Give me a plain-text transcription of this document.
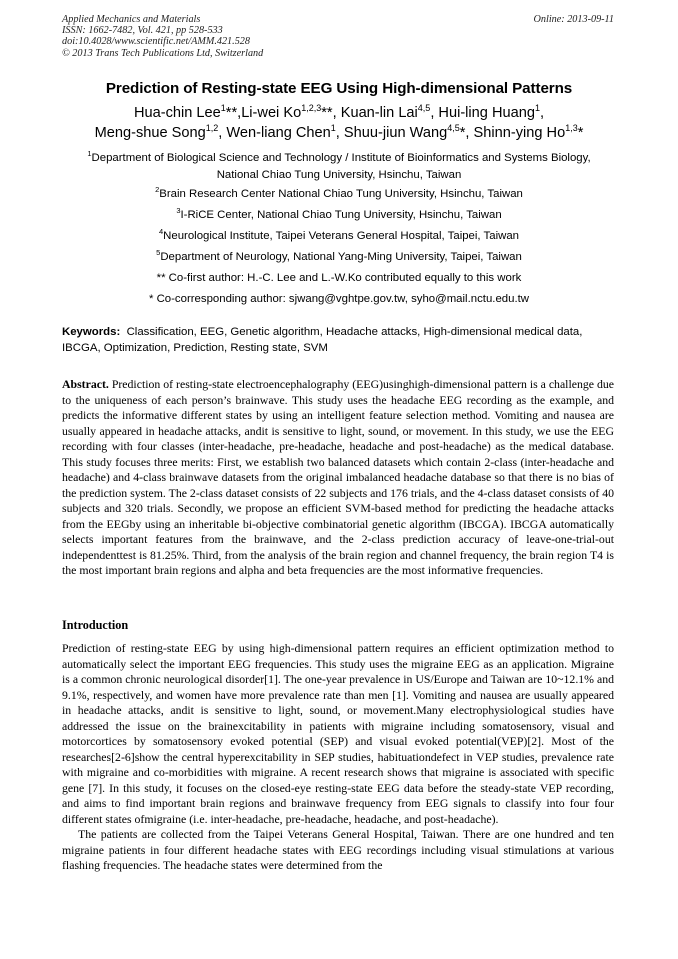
Applied Mechanics and Materials
ISSN: 1662-7482, Vol. 421, pp 528-533
doi:10.4028/www.scientific.net/AMM.421.528
© 2013 Trans Tech Publications Ltd, Switzerland
Online: 2013-09-11
Prediction of Resting-state EEG Using High-dimensional Patterns
Hua-chin Lee$^1$**,Li-wei Ko$^{1,2,3}$**, Kuan-lin Lai$^{4,5}$, Hui-ling Huang$^1$,
Meng-shue Song$^{1,2}$, Wen-liang Chen$^1$, Shuu-jiun Wang$^{4,5}$*, Shinn-ying Ho$^{1,3}$*
$^1$Department of Biological Science and Technology / Institute of Bioinformatics and Systems Biology,
National Chiao Tung University, Hsinchu, Taiwan
$^2$Brain Research Center National Chiao Tung University, Hsinchu, Taiwan
$^3$I-RiCE Center, National Chiao Tung University, Hsinchu, Taiwan
$^4$Neurological Institute, Taipei Veterans General Hospital, Taipei, Taiwan
$^5$Department of Neurology, National Yang-Ming University, Taipei, Taiwan
** Co-first author: H.-C. Lee and L.-W.Ko contributed equally to this work
* Co-corresponding author: sjwang@vghtpe.gov.tw, syho@mail.nctu.edu.tw
Keywords: Classification, EEG, Genetic algorithm, Headache attacks, High-dimensional medical data, IBCGA, Optimization, Prediction, Resting state, SVM
Abstract. Prediction of resting-state electroencephalography (EEG)usinghigh-dimensional pattern is a challenge due to the uniqueness of each person’s brainwave. This study uses the headache EEG recording as the example, and predicts the informative different states by using an intelligent feature selection method. Vomiting and nausea are usually appeared in headache attacks, andit is sensitive to light, sound, or movement. In this study, we use the EEG recording with four classes (inter-headache, pre-headache, headache and post-headache) as the medical database. This study focuses three merits: First, we establish two balanced datasets which contain 2-class (inter-headache and headache) and 4-class brainwave datasets from the original imbalanced headache database so that there is no bias of the prediction system. The 2-class dataset consists of 22 subjects and 176 trials, and the 4-class dataset consists of 40 subjects and 320 trials. Secondly, we propose an efficient SVM-based method for predicting the headache attacks from the EEGby using an inheritable bi-objective combinatorial genetic algorithm (IBCGA). IBCGA automatically selects important features from the brainwave, and the 2-class prediction accuracy of leave-one-trial-out independenttest is 81.25%. Third, from the analysis of the brain region and channel frequency, the brain region T4 is the most important brain regions and alpha and beta frequencies are the most informative frequencies.
Introduction

Prediction of resting-state EEG by using high-dimensional pattern requires an efficient optimization method to automatically select the important EEG frequencies. This study uses the migraine EEG as an application. Migraine is a common chronic neurological disorder[1]. The one-year prevalence in US/Europe and Taiwan are 10~12.1% and 9.1%, respectively, and women have more prevalence rate than men [1]. Vomiting and nausea are usually appeared in headache attacks, andit is sensitive to light, sound, or movement.Many electrophysiological studies have addressed the issue on the brainexcitability in patients with migraine including somatosensory, visual and motorcortices by somatosensory evoked potential (SEP) and visual evoked potential(VEP)[2]. Most of the researches[2-6]show the central hyperexcitability in SEP studies, habituationdefect in VEP studies, prevalence rate with migraine and co-morbidities with migraine. A recent research shows that migraine is associated with specific gene [7]. In this study, it focuses on the closed-eye resting-state EEG data before the steady-state VEP recording, and aims to find important brain regions and brainwave frequency from EEG signals to classify into four four different states ofmigraine (i.e. inter-headache, pre-headache, headache, and post-headache).

The patients are collected from the Taipei Veterans General Hospital, Taiwan. There are one hundred and ten migraine patients in four different headache states with EEG recordings including visual stimulations at various flashing frequencies. The headache states were determined from the
